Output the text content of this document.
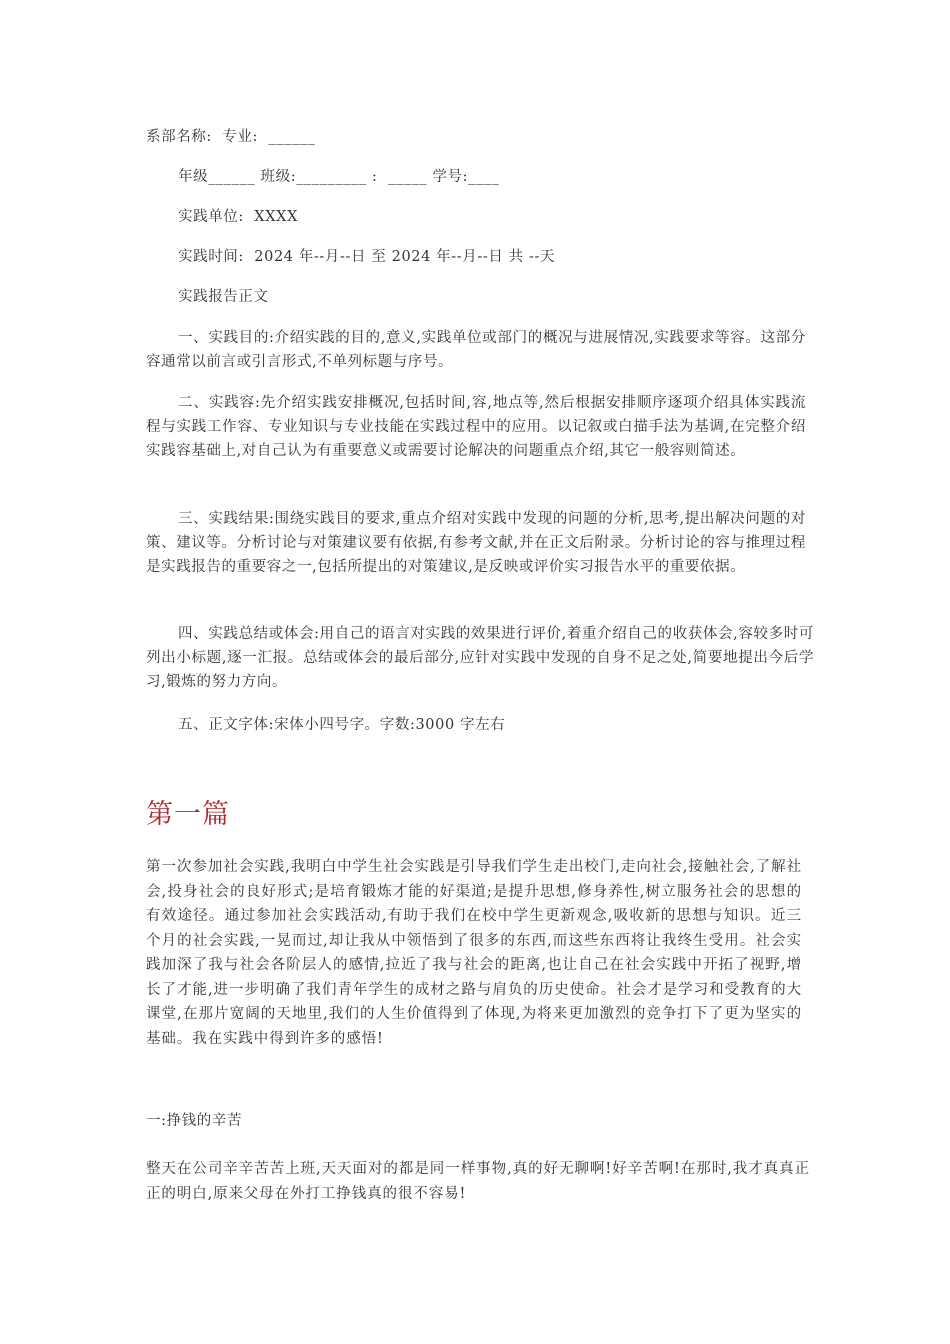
系部名称:  专业:  ______

年级______ 班级:_________ :  _____ 学号:____

实践单位:  XXXX

实践时间:  2024 年--月--日 至 2024 年--月--日 共 --天

实践报告正文

一、实践目的:介绍实践的目的,意义,实践单位或部门的概况与进展情况,实践要求等容。这部分容通常以前言或引言形式,不单列标题与序号。

二、实践容:先介绍实践安排概况,包括时间,容,地点等,然后根据安排顺序逐项介绍具体实践流程与实践工作容、专业知识与专业技能在实践过程中的应用。以记叙或白描手法为基调,在完整介绍实践容基础上,对自己认为有重要意义或需要讨论解决的问题重点介绍,其它一般容则简述。

三、实践结果:围绕实践目的要求,重点介绍对实践中发现的问题的分析,思考,提出解决问题的对策、建议等。分析讨论与对策建议要有依据,有参考文献,并在正文后附录。分析讨论的容与推理过程是实践报告的重要容之一,包括所提出的对策建议,是反映或评价实习报告水平的重要依据。

四、实践总结或体会:用自己的语言对实践的效果进行评价,着重介绍自己的收获体会,容较多时可列出小标题,逐一汇报。总结或体会的最后部分,应针对实践中发现的自身不足之处,简要地提出今后学习,锻炼的努力方向。

五、正文字体:宋体小四号字。字数:3000 字左右

第一篇

第一次参加社会实践,我明白中学生社会实践是引导我们学生走出校门,走向社会,接触社会,了解社会,投身社会的良好形式;是培育锻炼才能的好渠道;是提升思想,修身养性,树立服务社会的思想的有效途径。通过参加社会实践活动,有助于我们在校中学生更新观念,吸收新的思想与知识。近三个月的社会实践,一晃而过,却让我从中领悟到了很多的东西,而这些东西将让我终生受用。社会实践加深了我与社会各阶层人的感情,拉近了我与社会的距离,也让自己在社会实践中开拓了视野,增长了才能,进一步明确了我们青年学生的成材之路与肩负的历史使命。社会才是学习和受教育的大课堂,在那片宽阔的天地里,我们的人生价值得到了体现,为将来更加激烈的竞争打下了更为坚实的基础。我在实践中得到许多的感悟!

一:挣钱的辛苦

整天在公司辛辛苦苦上班,天天面对的都是同一样事物,真的好无聊啊!好辛苦啊!在那时,我才真真正正的明白,原来父母在外打工挣钱真的很不容易!
